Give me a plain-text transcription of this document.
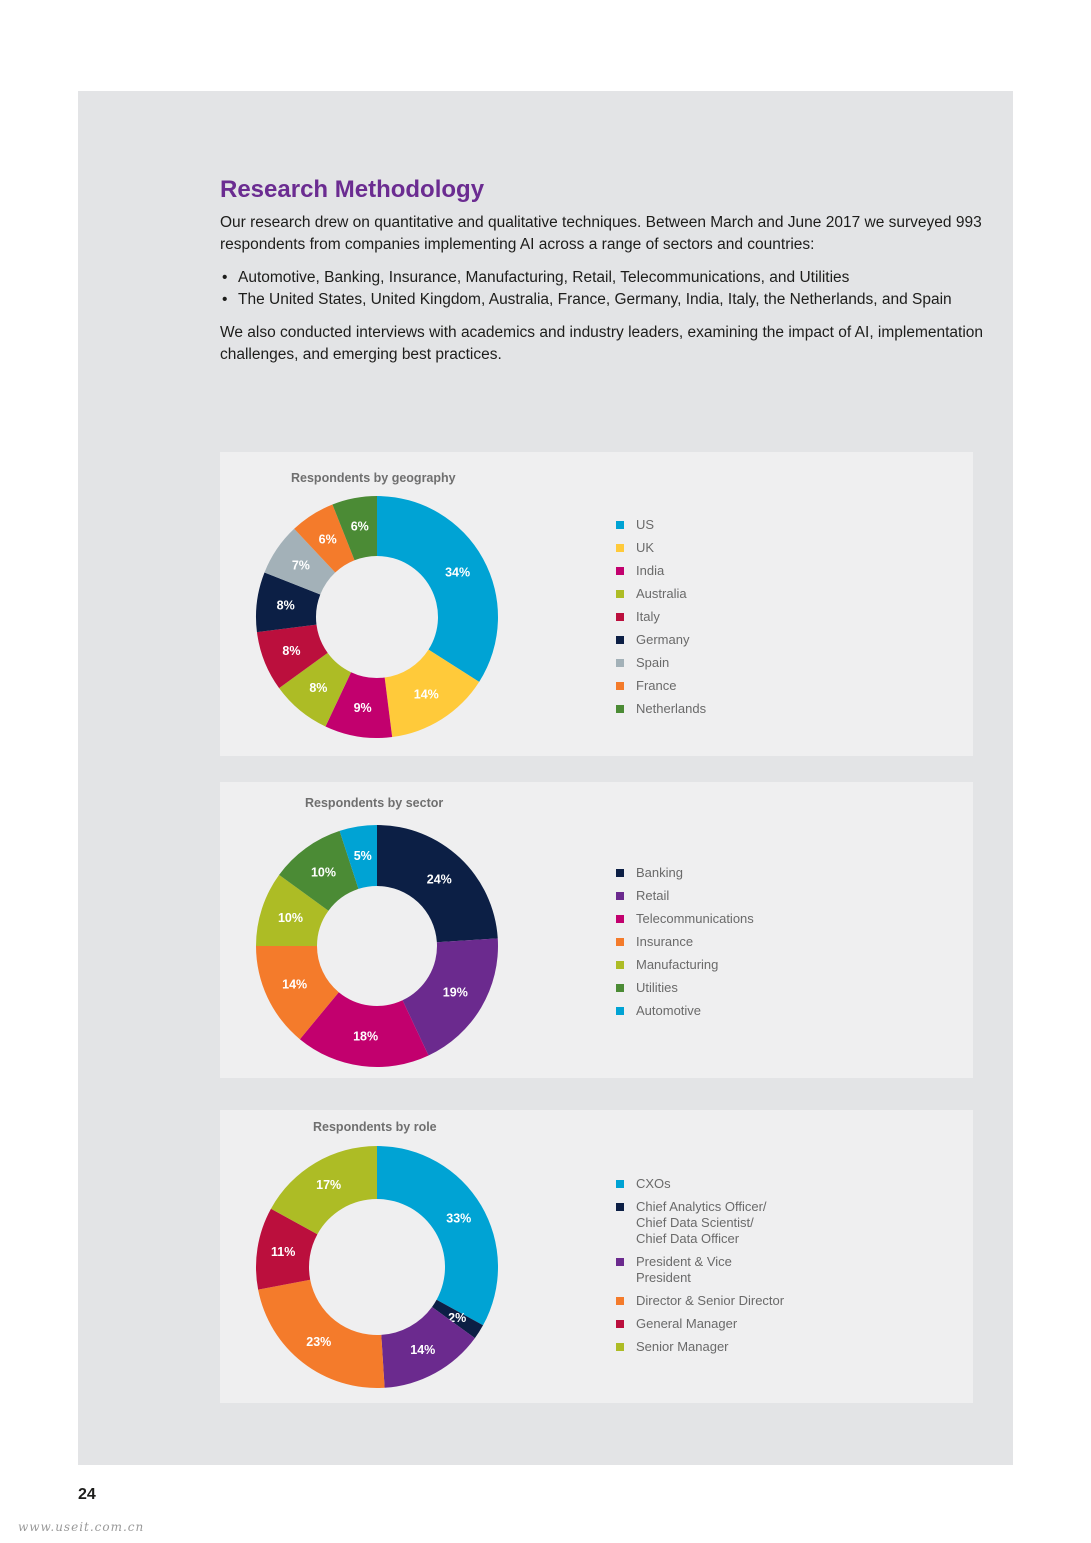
Research Methodology

Our research drew on quantitative and qualitative techniques. Between March and June 2017 we surveyed 993 respondents from companies implementing AI across a range of sectors and countries:

• Automotive, Banking, Insurance, Manufacturing, Retail, Telecommunications, and Utilities
• The United States, United Kingdom, Australia, France, Germany, India, Italy, the Netherlands, and Spain

We also conducted interviews with academics and industry leaders, examining the impact of AI, implementation challenges, and emerging best practices.

Respondents by geography
34%
14%
9%
8%
8%
8%
7%
6%
6%	US
UK
India
Australia
Italy
Germany
Spain
France
Netherlands
Respondents by sector
24%
19%
18%
14%
10%
10%
5%
Banking
Retail
Telecommunications
Insurance
Manufacturing
Utilities
Automotive
Respondents by role
33%
2%
14%
23%
11%
17%	CXOs
Chief Analytics Officer/
Chief Data Scientist/
Chief Data Officer
President & Vice
President
Director & Senior Director
General Manager
Senior Manager
24
www.useit.com.cn
